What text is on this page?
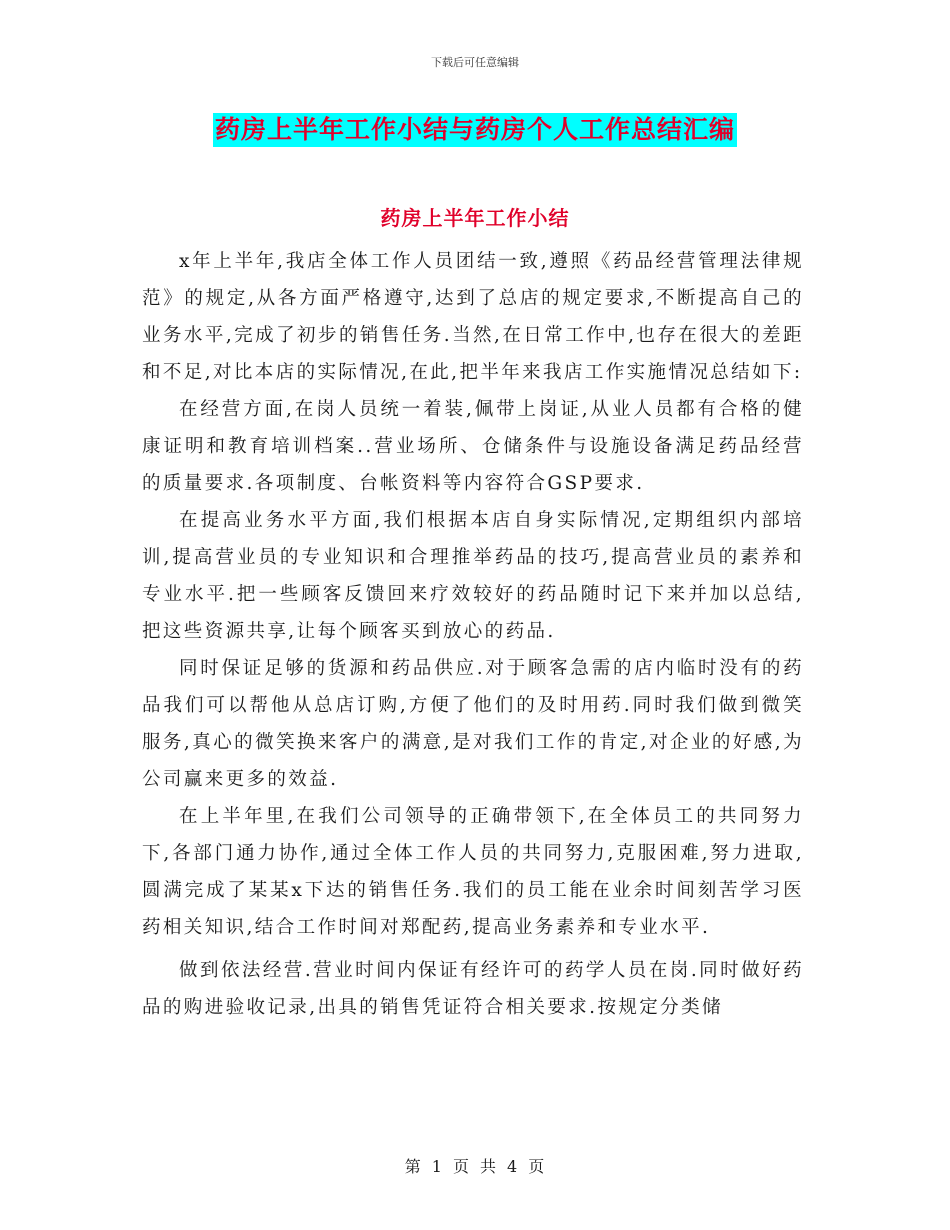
下载后可任意编辑
药房上半年工作小结与药房个人工作总结汇编
药房上半年工作小结

x年上半年,我店全体工作人员团结一致,遵照《药品经营管理法律规范》的规定,从各方面严格遵守,达到了总店的规定要求,不断提高自己的业务水平,完成了初步的销售任务.当然,在日常工作中,也存在很大的差距和不足,对比本店的实际情况,在此,把半年来我店工作实施情况总结如下:

在经营方面,在岗人员统一着装,佩带上岗证,从业人员都有合格的健康证明和教育培训档案..营业场所、仓储条件与设施设备满足药品经营的质量要求.各项制度、台帐资料等内容符合GSP要求.

在提高业务水平方面,我们根据本店自身实际情况,定期组织内部培训,提高营业员的专业知识和合理推举药品的技巧,提高营业员的素养和专业水平.把一些顾客反馈回来疗效较好的药品随时记下来并加以总结,把这些资源共享,让每个顾客买到放心的药品.

同时保证足够的货源和药品供应.对于顾客急需的店内临时没有的药品我们可以帮他从总店订购,方便了他们的及时用药.同时我们做到微笑服务,真心的微笑换来客户的满意,是对我们工作的肯定,对企业的好感,为公司赢来更多的效益.

在上半年里,在我们公司领导的正确带领下,在全体员工的共同努力下,各部门通力协作,通过全体工作人员的共同努力,克服困难,努力进取,圆满完成了某某x下达的销售任务.我们的员工能在业余时间刻苦学习医药相关知识,结合工作时间对郑配药,提高业务素养和专业水平.

做到依法经营.营业时间内保证有经许可的药学人员在岗.同时做好药品的购进验收记录,出具的销售凭证符合相关要求.按规定分类储

第 1 页 共 4 页
